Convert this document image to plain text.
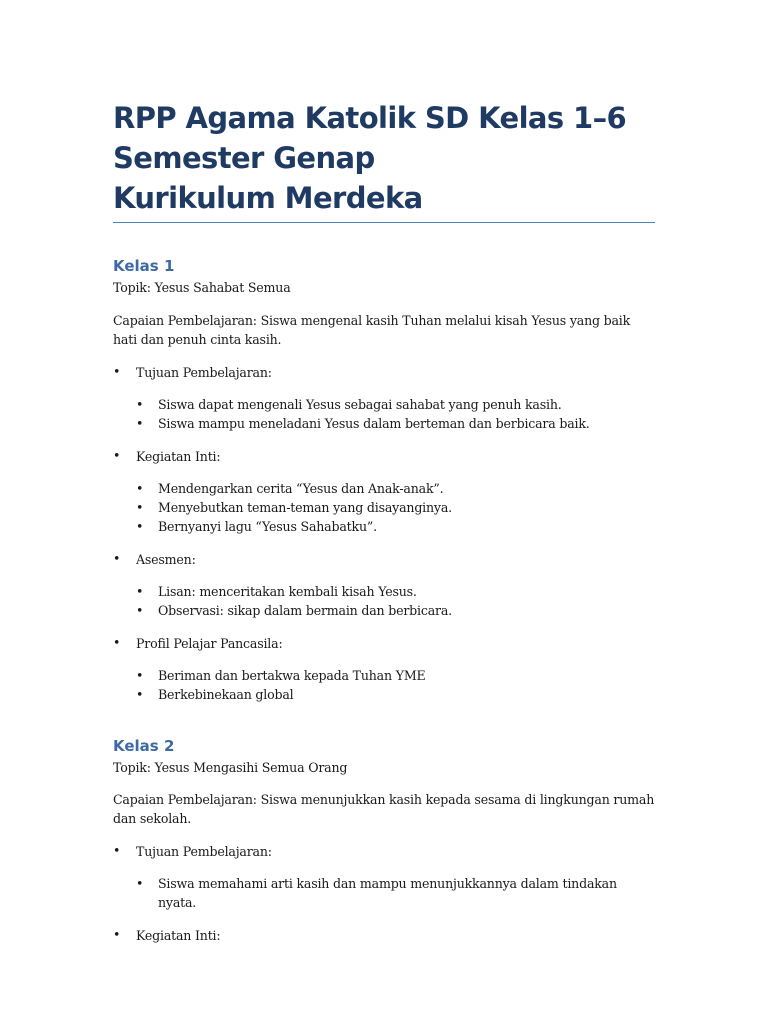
RPP Agama Katolik SD Kelas 1–6
Semester Genap
Kurikulum Merdeka
Kelas 1

Topik: Yesus Sahabat Semua

Capaian Pembelajaran: Siswa mengenal kasih Tuhan melalui kisah Yesus yang baik hati dan penuh cinta kasih.

• Tujuan Pembelajaran:
• Siswa dapat mengenali Yesus sebagai sahabat yang penuh kasih.
• Siswa mampu meneladani Yesus dalam berteman dan berbicara baik.
• Kegiatan Inti:
• Mendengarkan cerita “Yesus dan Anak-anak”.
• Menyebutkan teman-teman yang disayanginya.
• Bernyanyi lagu “Yesus Sahabatku”.
• Asesmen:
• Lisan: menceritakan kembali kisah Yesus.
• Observasi: sikap dalam bermain dan berbicara.
• Profil Pelajar Pancasila:
• Beriman dan bertakwa kepada Tuhan YME
• Berkebinekaan global
Kelas 2

Topik: Yesus Mengasihi Semua Orang

Capaian Pembelajaran: Siswa menunjukkan kasih kepada sesama di lingkungan rumah dan sekolah.

• Tujuan Pembelajaran:
• Siswa memahami arti kasih dan mampu menunjukkannya dalam tindakan nyata.
• Kegiatan Inti:
